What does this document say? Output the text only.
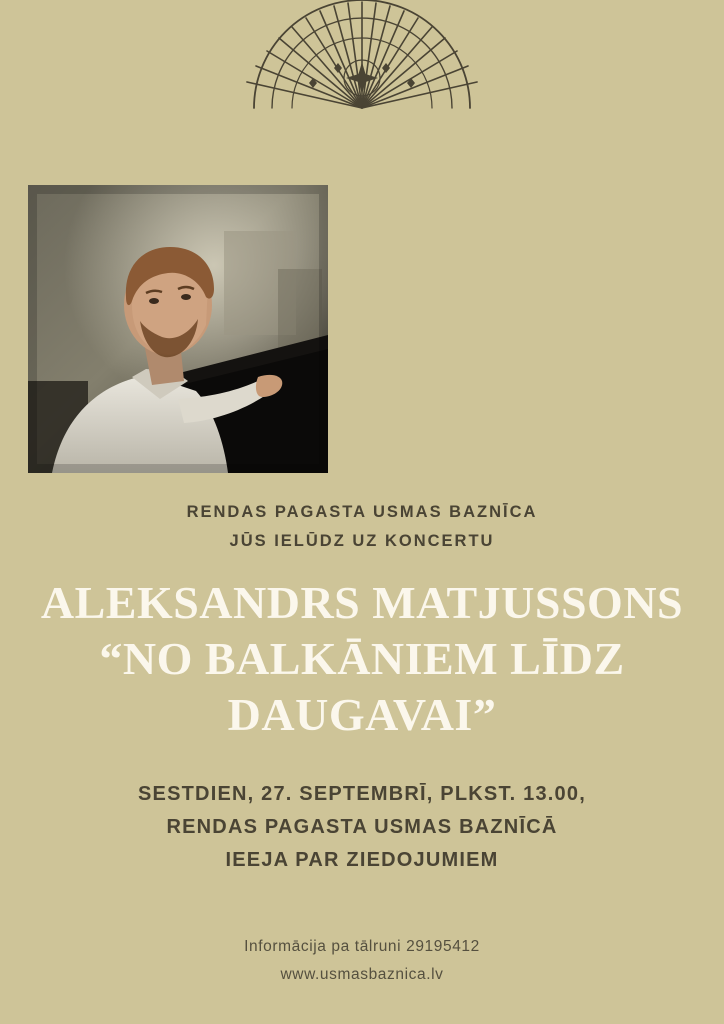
RENDAS PAGASTA USMAS BAZNĪCA
JŪS IELŪDZ UZ KONCERTU
ALEKSANDRS MATJUSSONS
“NO BALKĀNIEM LĪDZ
DAUGAVAI”
SESTDIEN, 27. SEPTEMBRĪ, PLKST. 13.00,
RENDAS PAGASTA USMAS BAZNĪCĀ
IEEJA PAR ZIEDOJUMIEM
Informācija pa tālruni 29195412
www.usmasbaznica.lv
